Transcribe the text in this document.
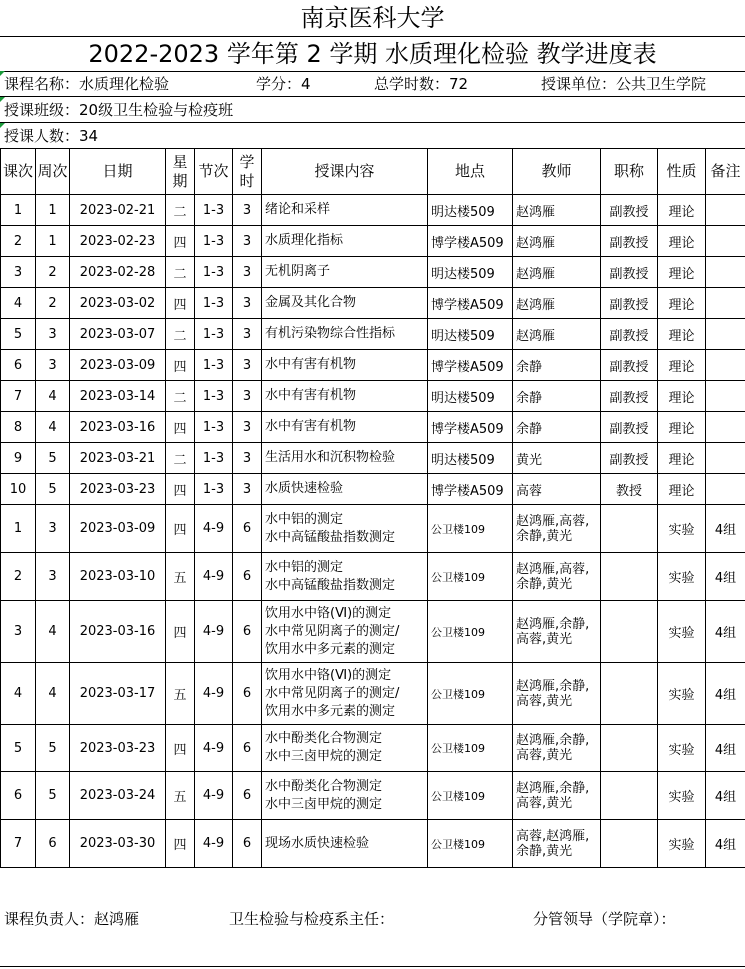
南京医科大学
2022-2023 学年第 2 学期 水质理化检验 教学进度表
课程名称：水质理化检验	学分：4	总学时数：72	授课单位：公共卫生学院
授课班级：20级卫生检验与检疫班
授课人数：34
课次	周次	日期	星期	节次	学时	授课内容	地点	教师	职称	性质	备注
1	1	2023-02-21	二	1-3	3	绪论和采样	明达楼509	赵鸿雁	副教授	理论	
2	1	2023-02-23	四	1-3	3	水质理化指标	博学楼A509	赵鸿雁	副教授	理论	
3	2	2023-02-28	二	1-3	3	无机阴离子	明达楼509	赵鸿雁	副教授	理论	
4	2	2023-03-02	四	1-3	3	金属及其化合物	博学楼A509	赵鸿雁	副教授	理论	
5	3	2023-03-07	二	1-3	3	有机污染物综合性指标	明达楼509	赵鸿雁	副教授	理论	
6	3	2023-03-09	四	1-3	3	水中有害有机物	博学楼A509	余静	副教授	理论	
7	4	2023-03-14	二	1-3	3	水中有害有机物	明达楼509	余静	副教授	理论	
8	4	2023-03-16	四	1-3	3	水中有害有机物	博学楼A509	余静	副教授	理论	
9	5	2023-03-21	二	1-3	3	生活用水和沉积物检验	明达楼509	黄光	副教授	理论	
10	5	2023-03-23	四	1-3	3	水质快速检验	博学楼A509	高蓉	教授	理论	
1	3	2023-03-09	四	4-9	6	水中铝的测定
水中高锰酸盐指数测定	公卫楼109	赵鸿雁,高蓉, 余静,黄光		实验	4组
2	3	2023-03-10	五	4-9	6	水中铝的测定
水中高锰酸盐指数测定	公卫楼109	赵鸿雁,高蓉, 余静,黄光		实验	4组
3	4	2023-03-16	四	4-9	6	饮用水中铬(Ⅵ)的测定
水中常见阴离子的测定/
饮用水中多元素的测定	公卫楼109	赵鸿雁,余静, 高蓉,黄光		实验	4组
4	4	2023-03-17	五	4-9	6	饮用水中铬(Ⅵ)的测定
水中常见阴离子的测定/
饮用水中多元素的测定	公卫楼109	赵鸿雁,余静, 高蓉,黄光		实验	4组
5	5	2023-03-23	四	4-9	6	水中酚类化合物测定
水中三卤甲烷的测定	公卫楼109	赵鸿雁,余静, 高蓉,黄光		实验	4组
6	5	2023-03-24	五	4-9	6	水中酚类化合物测定
水中三卤甲烷的测定	公卫楼109	赵鸿雁,余静, 高蓉,黄光		实验	4组
7	6	2023-03-30	四	4-9	6	现场水质快速检验	公卫楼109	高蓉,赵鸿雁, 余静,黄光		实验	4组
课程负责人：赵鸿雁	卫生检验与检疫系主任：	分管领导（学院章）：
